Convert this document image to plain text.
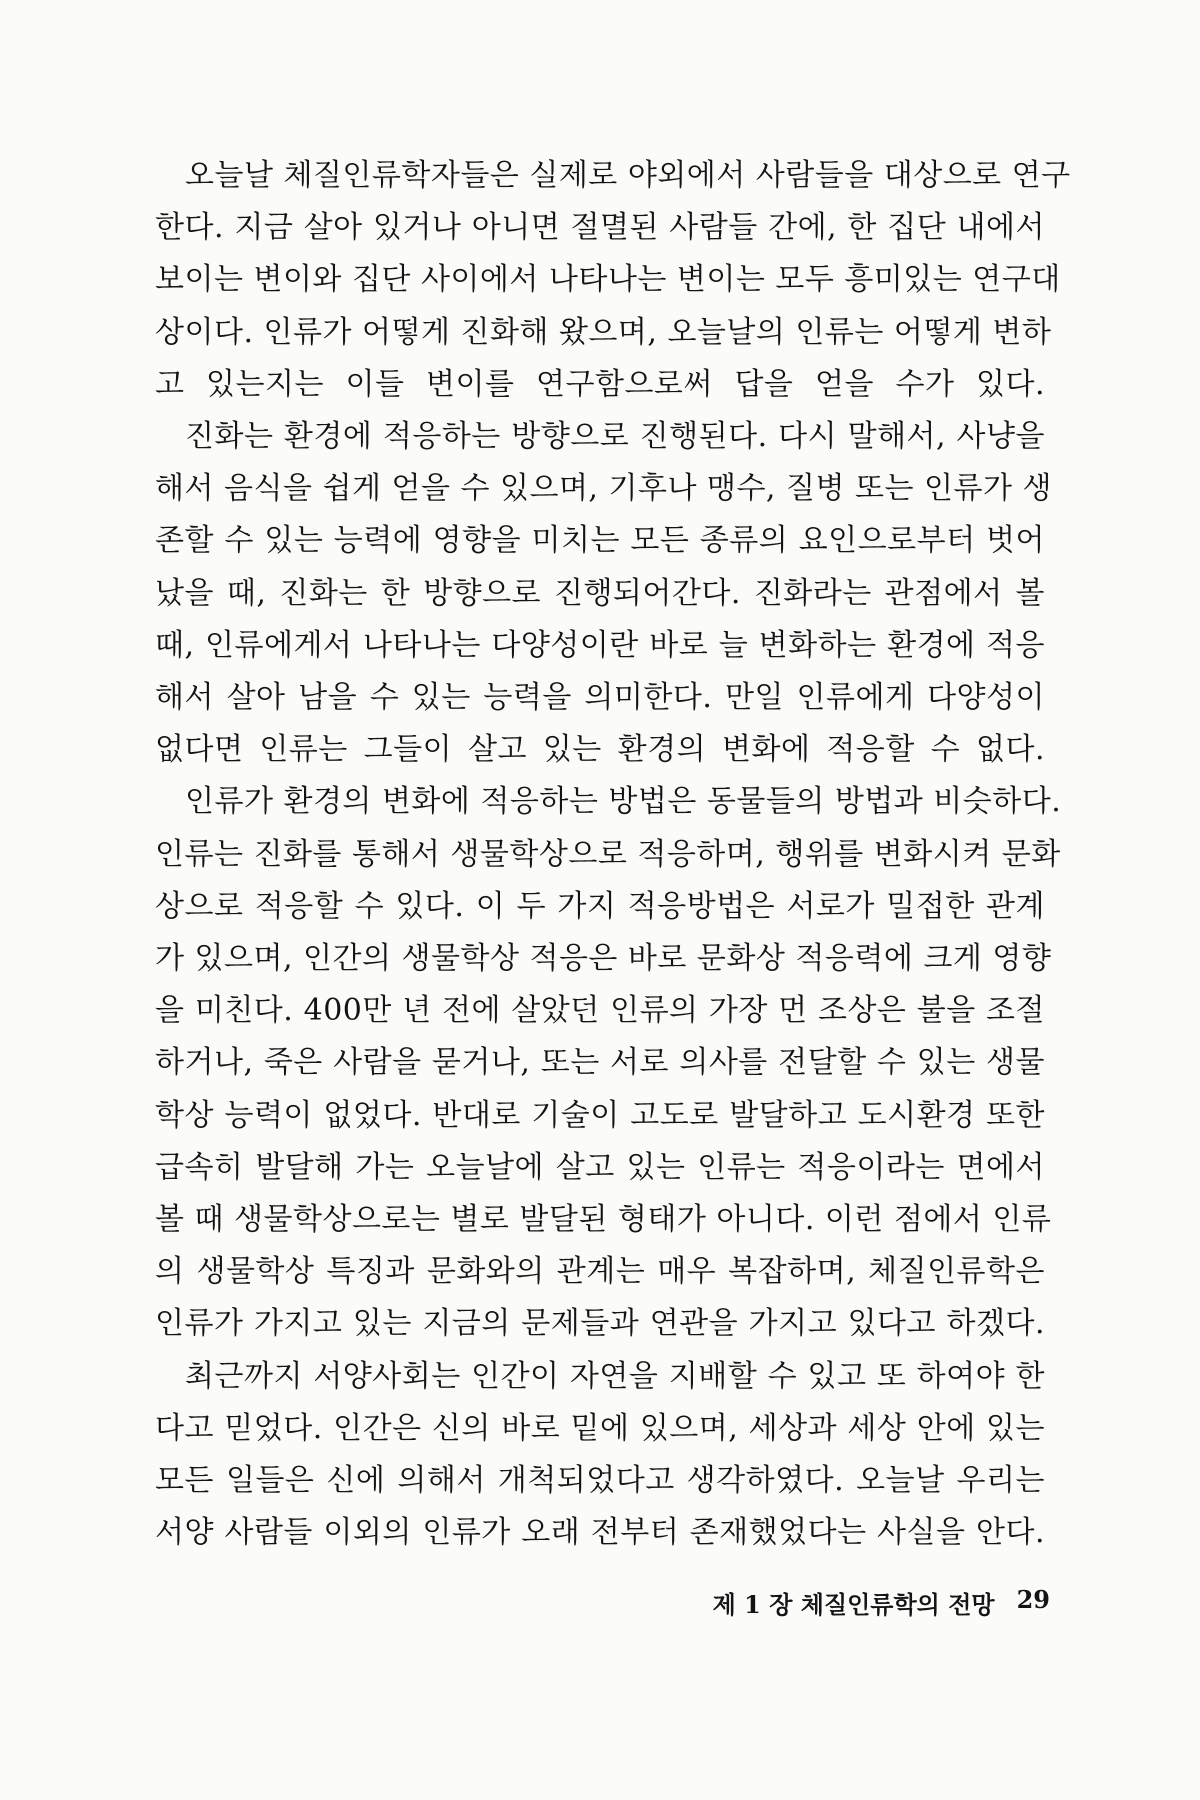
오늘날 체질인류학자들은 실제로 야외에서 사람들을 대상으로 연구
한다. 지금 살아 있거나 아니면 절멸된 사람들 간에, 한 집단 내에서
보이는 변이와 집단 사이에서 나타나는 변이는 모두 흥미있는 연구대
상이다. 인류가 어떻게 진화해 왔으며, 오늘날의 인류는 어떻게 변하
고 있는지는 이들 변이를 연구함으로써 답을 얻을 수가 있다.
진화는 환경에 적응하는 방향으로 진행된다. 다시 말해서, 사냥을
해서 음식을 쉽게 얻을 수 있으며, 기후나 맹수, 질병 또는 인류가 생
존할 수 있는 능력에 영향을 미치는 모든 종류의 요인으로부터 벗어
났을 때, 진화는 한 방향으로 진행되어간다. 진화라는 관점에서 볼
때, 인류에게서 나타나는 다양성이란 바로 늘 변화하는 환경에 적응
해서 살아 남을 수 있는 능력을 의미한다. 만일 인류에게 다양성이
없다면 인류는 그들이 살고 있는 환경의 변화에 적응할 수 없다.
인류가 환경의 변화에 적응하는 방법은 동물들의 방법과 비슷하다.
인류는 진화를 통해서 생물학상으로 적응하며, 행위를 변화시켜 문화
상으로 적응할 수 있다. 이 두 가지 적응방법은 서로가 밀접한 관계
가 있으며, 인간의 생물학상 적응은 바로 문화상 적응력에 크게 영향
을 미친다. 400만 년 전에 살았던 인류의 가장 먼 조상은 불을 조절
하거나, 죽은 사람을 묻거나, 또는 서로 의사를 전달할 수 있는 생물
학상 능력이 없었다. 반대로 기술이 고도로 발달하고 도시환경 또한
급속히 발달해 가는 오늘날에 살고 있는 인류는 적응이라는 면에서
볼 때 생물학상으로는 별로 발달된 형태가 아니다. 이런 점에서 인류
의 생물학상 특징과 문화와의 관계는 매우 복잡하며, 체질인류학은
인류가 가지고 있는 지금의 문제들과 연관을 가지고 있다고 하겠다.
최근까지 서양사회는 인간이 자연을 지배할 수 있고 또 하여야 한
다고 믿었다. 인간은 신의 바로 밑에 있으며, 세상과 세상 안에 있는
모든 일들은 신에 의해서 개척되었다고 생각하였다. 오늘날 우리는
서양 사람들 이외의 인류가 오래 전부터 존재했었다는 사실을 안다.
제 1 장 체질인류학의 전망 29
